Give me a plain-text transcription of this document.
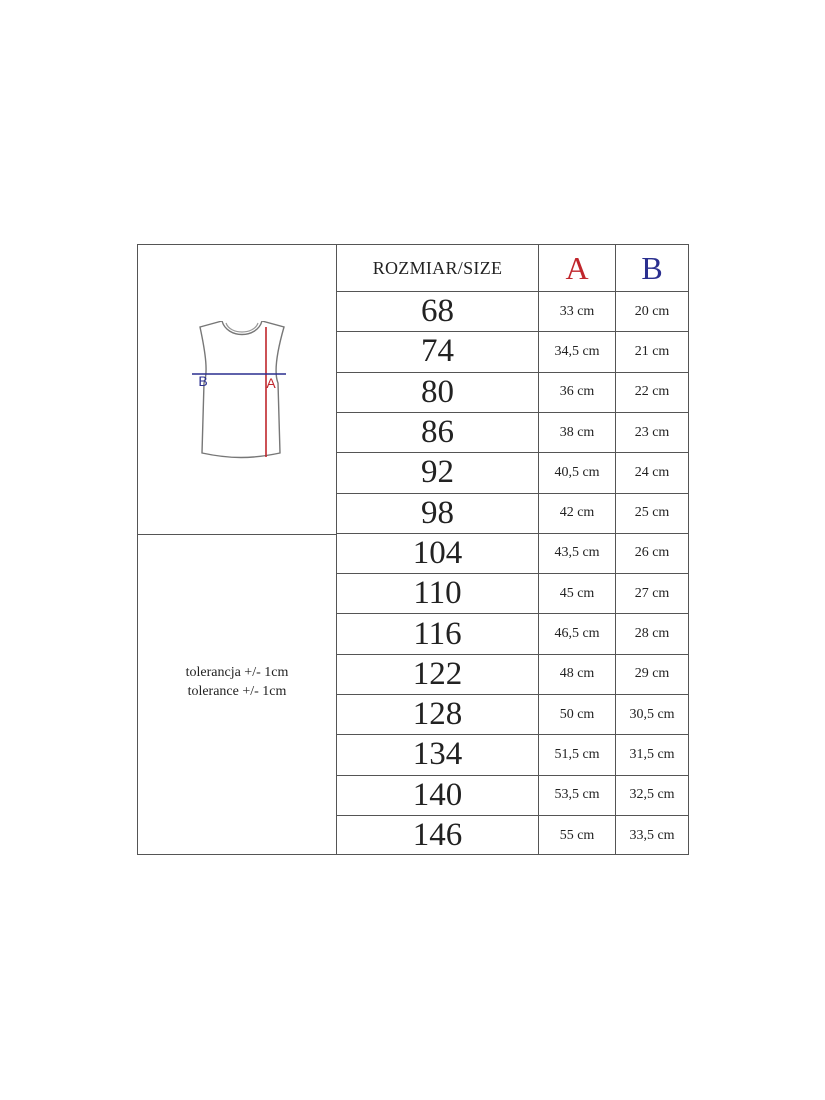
B	A
tolerancja +/- 1cm
tolerance +/- 1cm
ROZMIAR/SIZE	A	B
68	33 cm	20 cm
74	34,5 cm	21 cm
80	36 cm	22 cm
86	38 cm	23 cm
92	40,5 cm	24 cm
98	42 cm	25 cm
104	43,5 cm	26 cm
110	45 cm	27 cm
116	46,5 cm	28 cm
122	48 cm	29 cm
128	50 cm	30,5 cm
134	51,5 cm	31,5 cm
140	53,5 cm	32,5 cm
146	55 cm	33,5 cm
